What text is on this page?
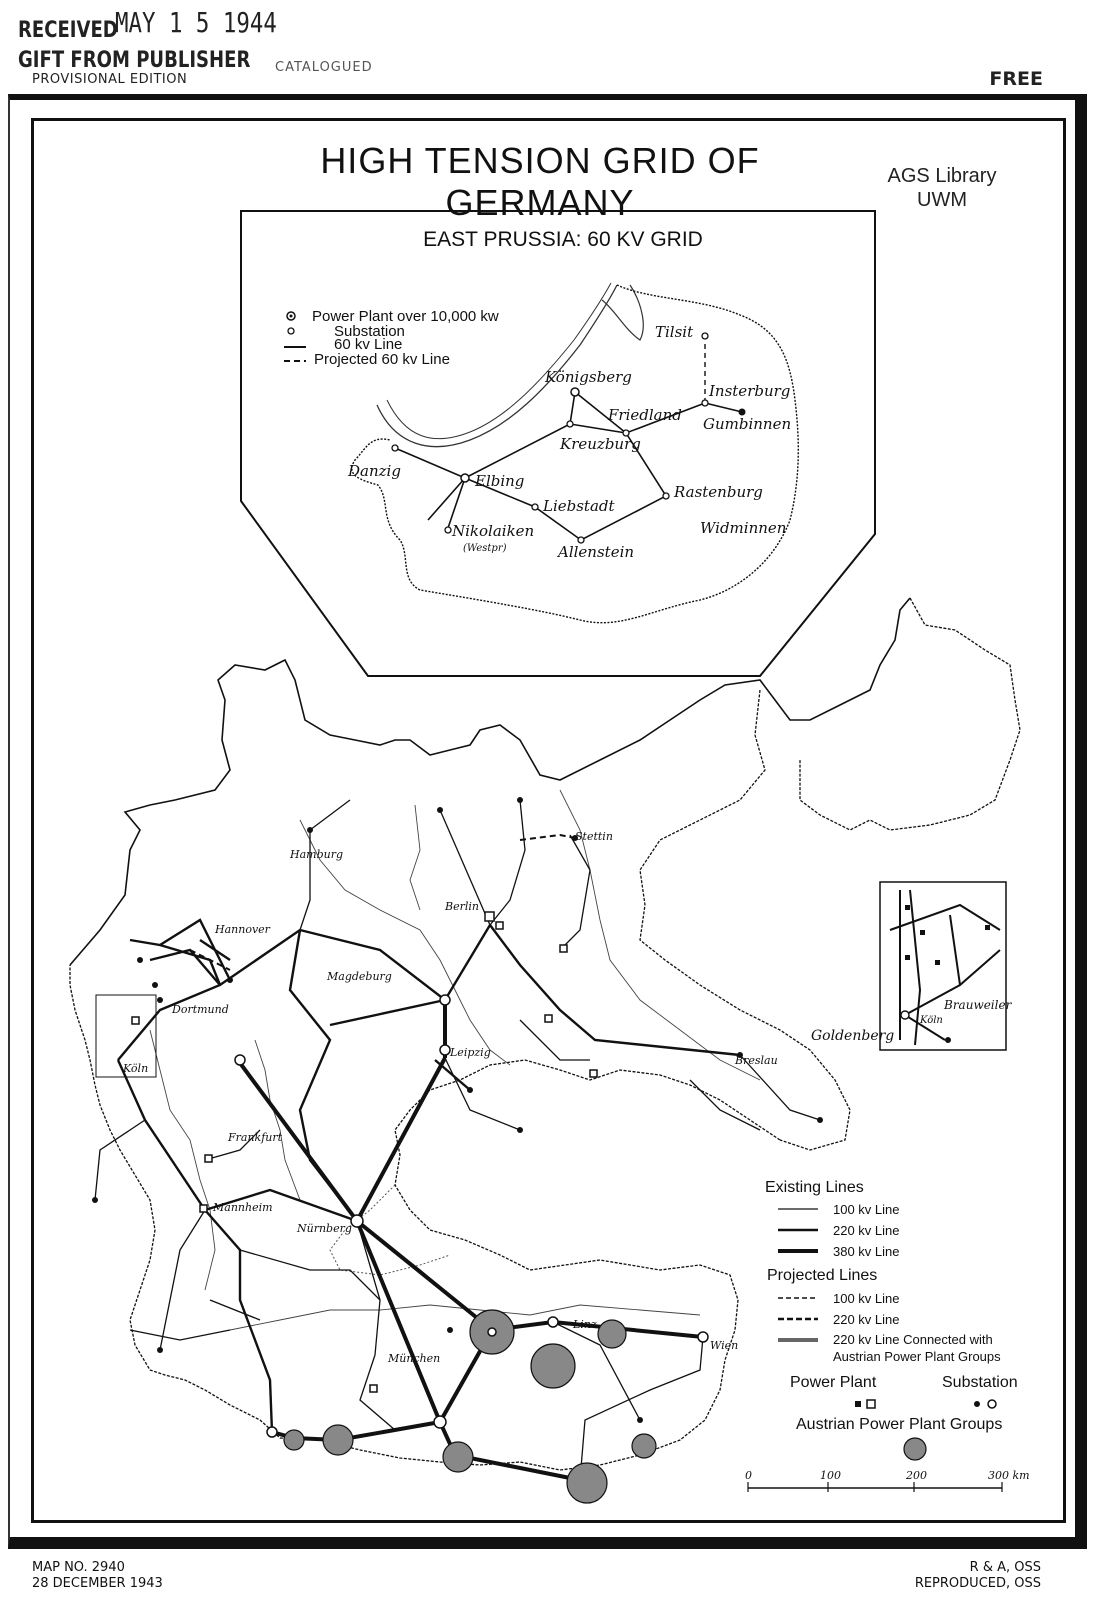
RECEIVED
MAY 1 5 1944
GIFT FROM PUBLISHER
PROVISIONAL EDITION
CATALOGUED
FREE
HIGH TENSION GRID OF GERMANY
AGS Library
UWM
EAST PRUSSIA: 60 KV GRID
Power Plant over 10,000 kw
Substation
60 kv Line
Projected 60 kv Line
Tilsit
Königsberg
Insterburg
Friedland Gumbinnen
Kreuzburg
Danzig
Elbing
Liebstadt
Rastenburg
Nikolaiken
(Westpr)
Widminnen
Allenstein
Hamburg
Stettin
Hannover
Berlin
Magdeburg
Dortmund
Leipzig
Köln
Breslau
Frankfurt
Mannheim
Nürnberg
Linz
Wien
München
Brauweiler
Köln
Goldenberg
Existing Lines
100 kv Line
220 kv Line
380 kv Line
Projected Lines
100 kv Line
220 kv Line
220 kv Line Connected with
Austrian Power Plant Groups
Power Plant	Substation
Austrian Power Plant Groups
0	100	200	300 km
MAP NO. 2940
28 DECEMBER 1943
R & A, OSS
REPRODUCED, OSS
